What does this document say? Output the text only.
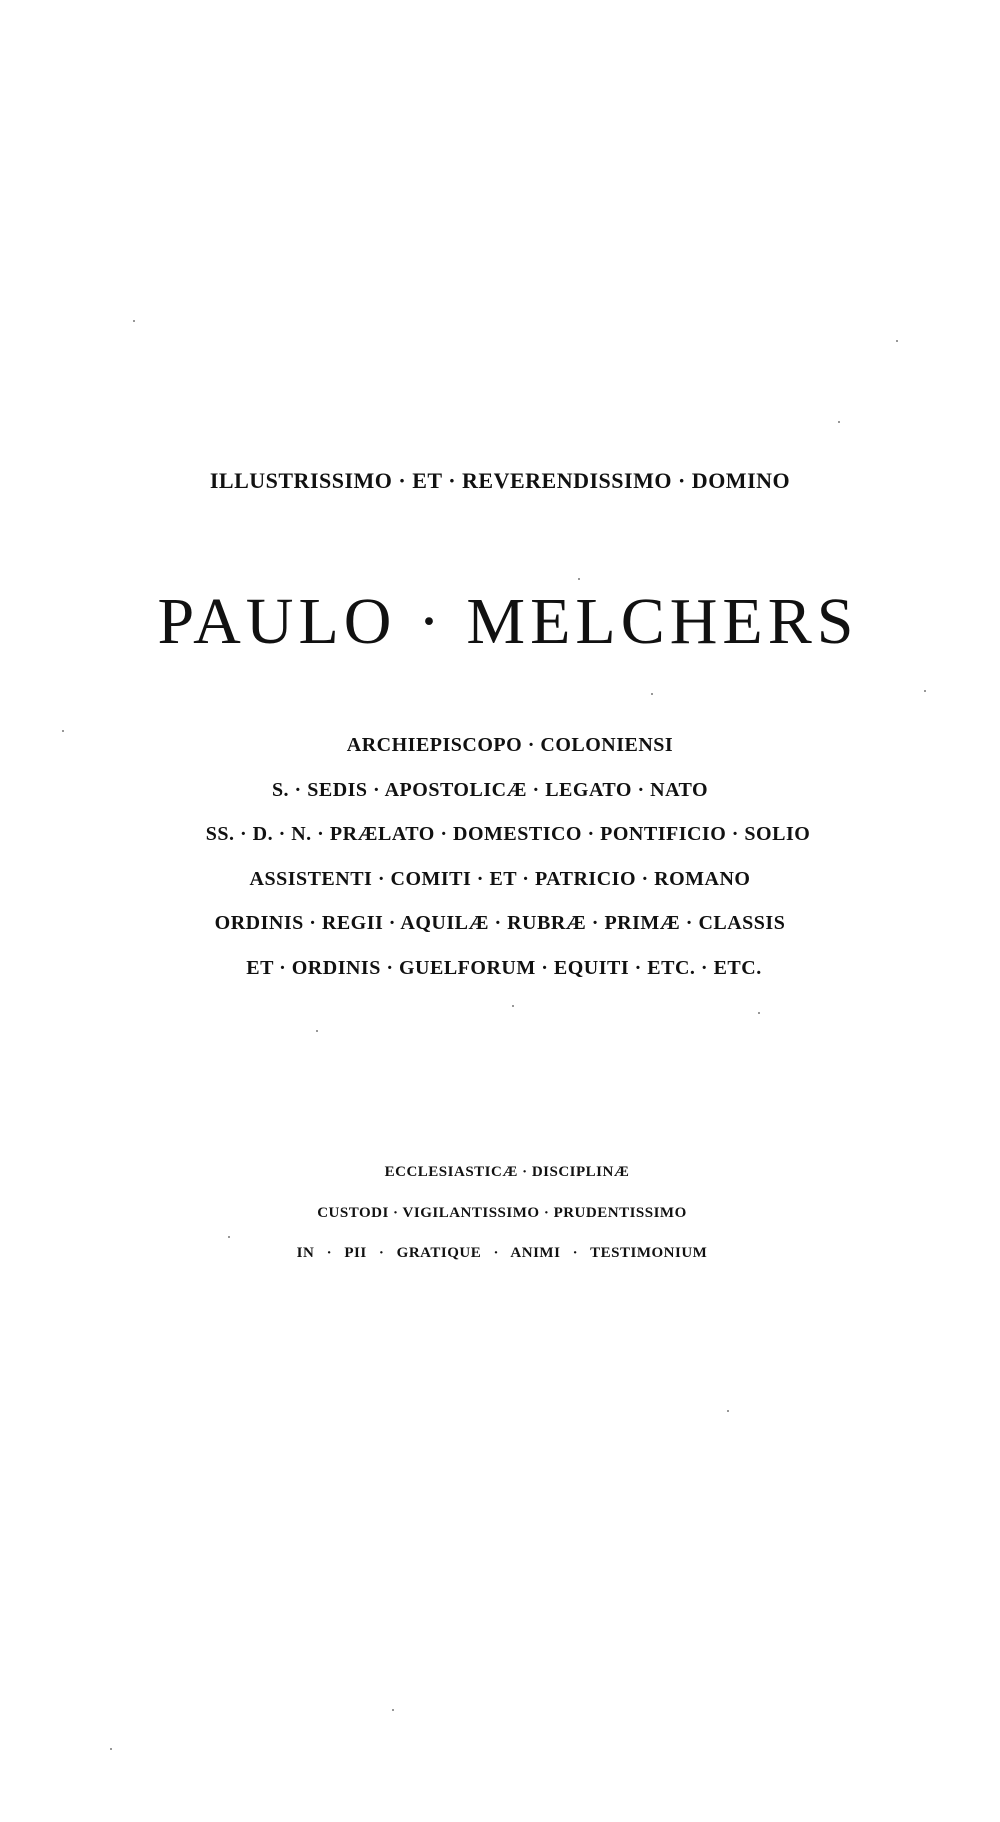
ILLUSTRISSIMO · ET · REVERENDISSIMO · DOMINO
PAULO · MELCHERS
ARCHIEPISCOPO · COLONIENSI
S. · SEDIS · APOSTOLICÆ · LEGATO · NATO
SS. · D. · N. · PRÆLATO · DOMESTICO · PONTIFICIO · SOLIO
ASSISTENTI · COMITI · ET · PATRICIO · ROMANO
ORDINIS · REGII · AQUILÆ · RUBRÆ · PRIMÆ · CLASSIS
ET · ORDINIS · GUELFORUM · EQUITI · ETC. · ETC.
ECCLESIASTICÆ · DISCIPLINÆ
CUSTODI · VIGILANTISSIMO · PRUDENTISSIMO
IN · PII · GRATIQUE · ANIMI · TESTIMONIUM
